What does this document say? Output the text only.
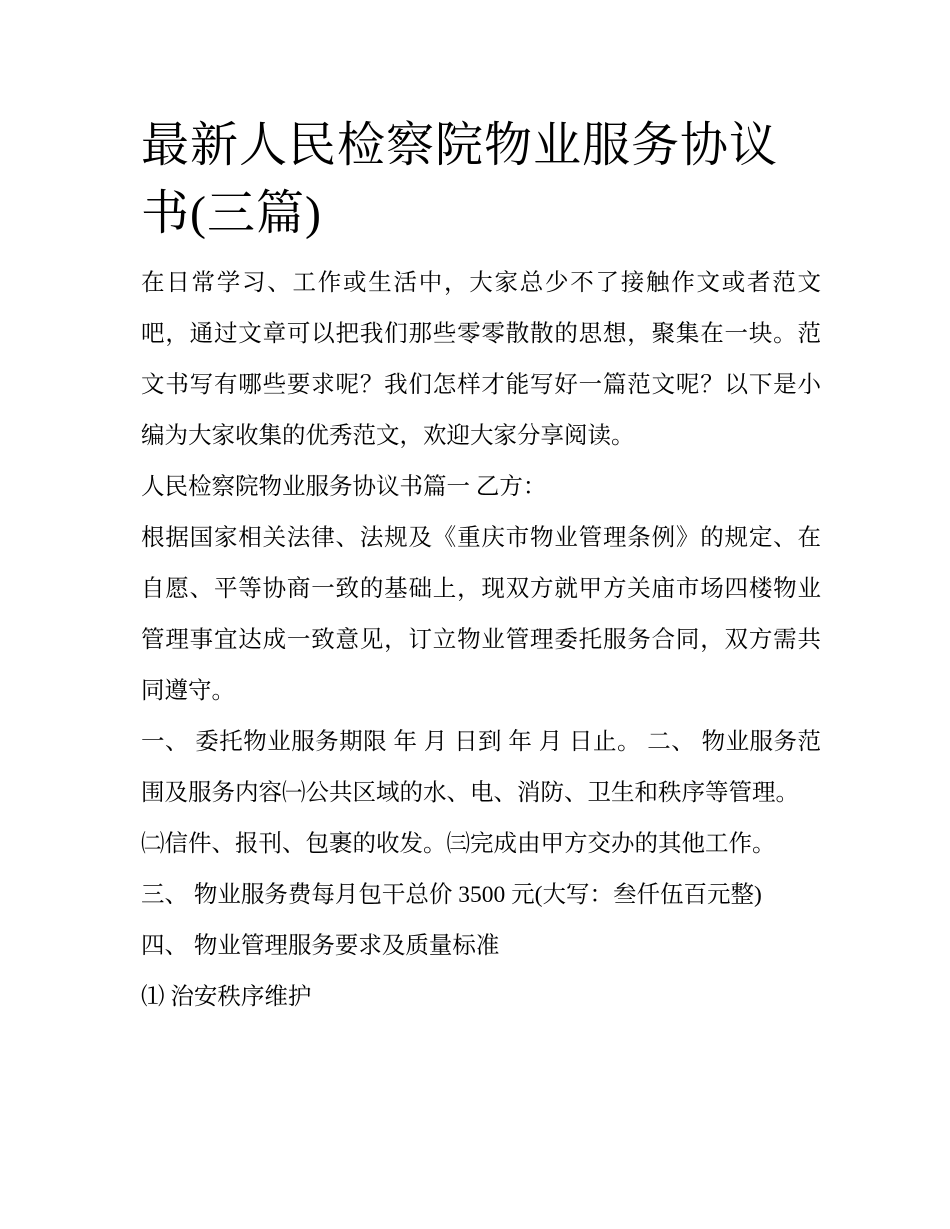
最新人民检察院物业服务协议书(三篇)

在日常学习、工作或生活中，大家总少不了接触作文或者范文吧，通过文章可以把我们那些零零散散的思想，聚集在一块。范文书写有哪些要求呢？我们怎样才能写好一篇范文呢？以下是小编为大家收集的优秀范文，欢迎大家分享阅读。

人民检察院物业服务协议书篇一 乙方：

根据国家相关法律、法规及《重庆市物业管理条例》的规定、在自愿、平等协商一致的基础上，现双方就甲方关庙市场四楼物业管理事宜达成一致意见，订立物业管理委托服务合同，双方需共同遵守。

一、 委托物业服务期限 年 月 日到 年 月 日止。 二、 物业服务范围及服务内容㈠公共区域的水、电、消防、卫生和秩序等管理。

㈡信件、报刊、包裹的收发。㈢完成由甲方交办的其他工作。

三、 物业服务费每月包干总价 3500 元(大写：叁仟伍百元整)

四、 物业管理服务要求及质量标准

⑴ 治安秩序维护
